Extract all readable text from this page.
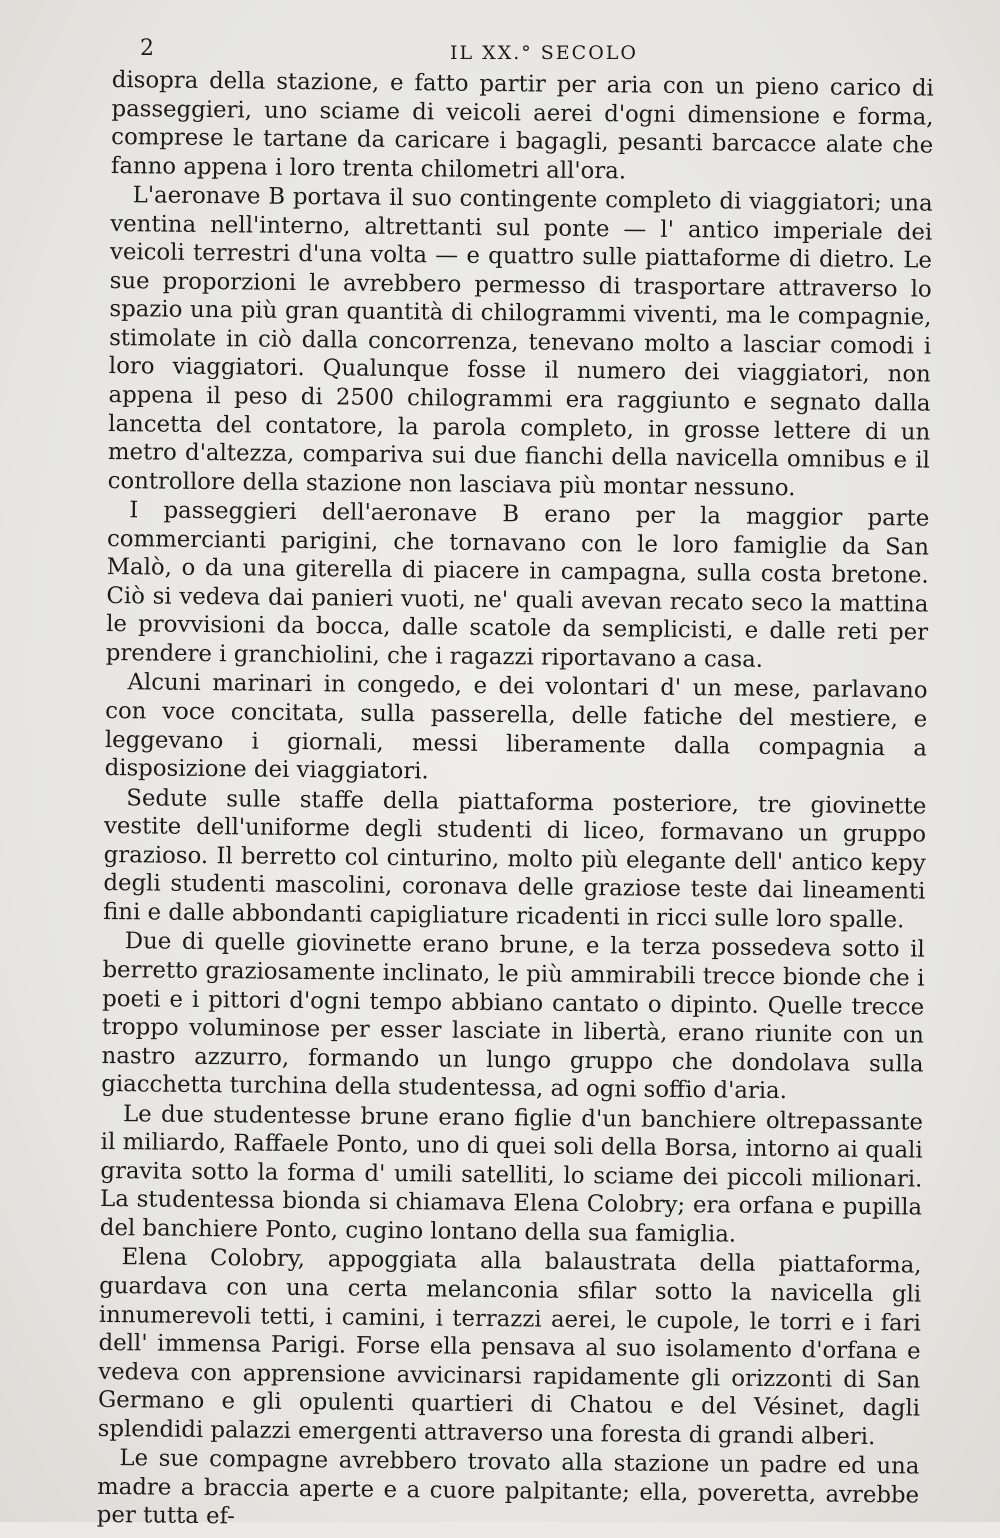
2	IL XX.° SECOLO

disopra della stazione, e fatto partir per aria con un pieno carico di passeggieri, uno sciame di veicoli aerei d'ogni dimensione e forma, comprese le tartane da caricare i bagagli, pesanti barcacce alate che fanno appena i loro trenta chilometri all'ora.

L'aeronave B portava il suo contingente completo di viaggiatori; una ventina nell'interno, altrettanti sul ponte — l' antico imperiale dei veicoli terrestri d'una volta — e quattro sulle piattaforme di dietro. Le sue proporzioni le avrebbero permesso di trasportare attraverso lo spazio una più gran quantità di chilogrammi viventi, ma le compagnie, stimolate in ciò dalla concorrenza, tenevano molto a lasciar comodi i loro viaggiatori. Qualunque fosse il numero dei viaggiatori, non appena il peso di 2500 chilogrammi era raggiunto e segnato dalla lancetta del contatore, la parola completo, in grosse lettere di un metro d'altezza, compariva sui due fianchi della navicella omnibus e il controllore della stazione non lasciava più montar nessuno.

I passeggieri dell'aeronave B erano per la maggior parte commercianti parigini, che tornavano con le loro famiglie da San Malò, o da una giterella di piacere in campagna, sulla costa bretone. Ciò si vedeva dai panieri vuoti, ne' quali avevan recato seco la mattina le provvisioni da bocca, dalle scatole da semplicisti, e dalle reti per prendere i granchiolini, che i ragazzi riportavano a casa.

Alcuni marinari in congedo, e dei volontari d' un mese, parlavano con voce concitata, sulla passerella, delle fatiche del mestiere, e leggevano i giornali, messi liberamente dalla compagnia a disposizione dei viaggiatori.

Sedute sulle staffe della piattaforma posteriore, tre giovinette vestite dell'uniforme degli studenti di liceo, formavano un gruppo grazioso. Il berretto col cinturino, molto più elegante dell' antico kepy degli studenti mascolini, coronava delle graziose teste dai lineamenti fini e dalle abbondanti capigliature ricadenti in ricci sulle loro spalle.

Due di quelle giovinette erano brune, e la terza possedeva sotto il berretto graziosamente inclinato, le più ammirabili trecce bionde che i poeti e i pittori d'ogni tempo abbiano cantato o dipinto. Quelle trecce troppo voluminose per esser lasciate in libertà, erano riunite con un nastro azzurro, formando un lungo gruppo che dondolava sulla giacchetta turchina della studentessa, ad ogni soffio d'aria.

Le due studentesse brune erano figlie d'un banchiere oltrepassante il miliardo, Raffaele Ponto, uno di quei soli della Borsa, intorno ai quali gravita sotto la forma d' umili satelliti, lo sciame dei piccoli milionari. La studentessa bionda si chiamava Elena Colobry; era orfana e pupilla del banchiere Ponto, cugino lontano della sua famiglia.

Elena Colobry, appoggiata alla balaustrata della piattaforma, guardava con una certa melanconia sfilar sotto la navicella gli innumerevoli tetti, i camini, i terrazzi aerei, le cupole, le torri e i fari dell' immensa Parigi. Forse ella pensava al suo isolamento d'orfana e vedeva con apprensione avvicinarsi rapidamente gli orizzonti di San Germano e gli opulenti quartieri di Chatou e del Vésinet, dagli splendidi palazzi emergenti attraverso una foresta di grandi alberi.

Le sue compagne avrebbero trovato alla stazione un padre ed una madre a braccia aperte e a cuore palpitante; ella, poveretta, avrebbe per tutta ef-
